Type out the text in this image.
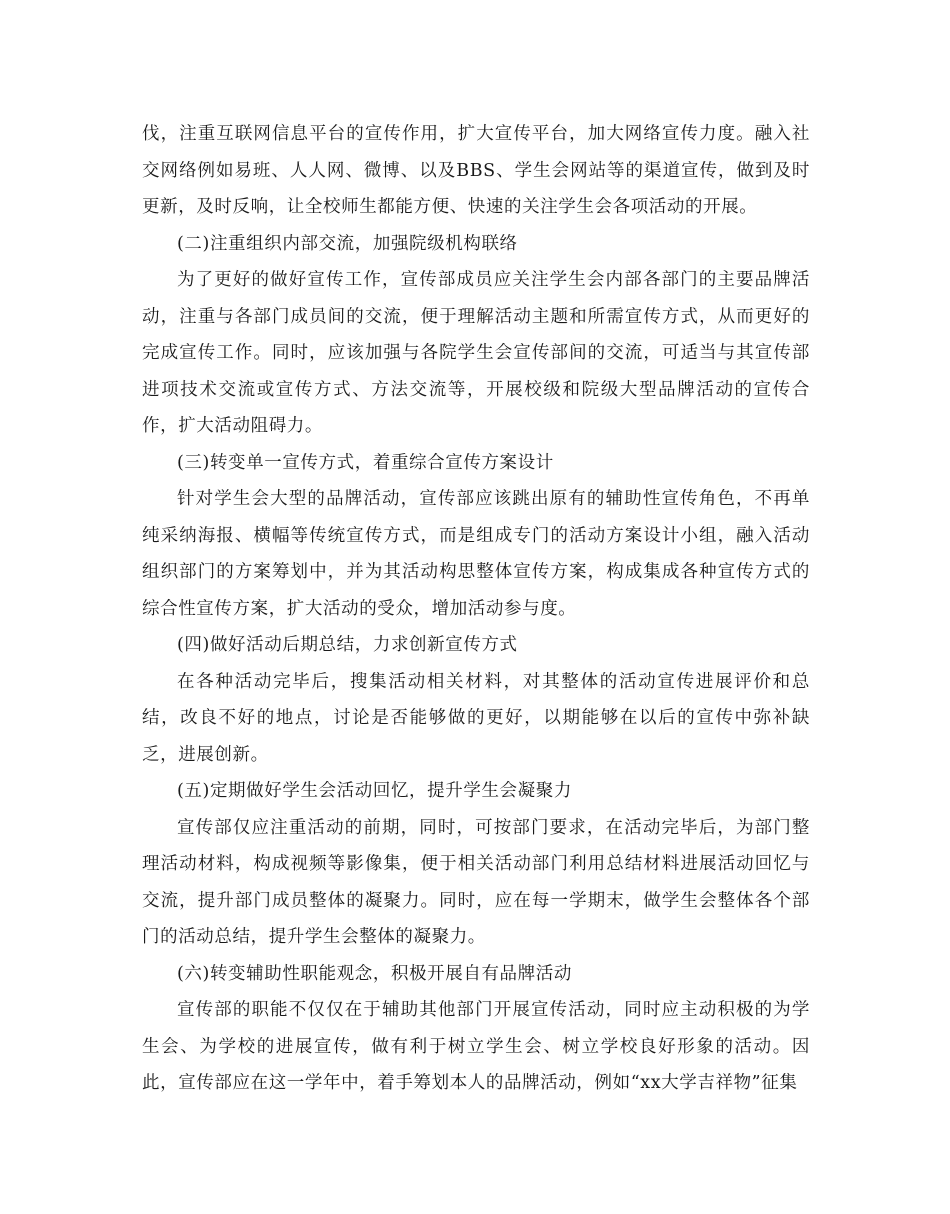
伐，注重互联网信息平台的宣传作用，扩大宣传平台，加大网络宣传力度。融入社交网络例如易班、人人网、微博、以及BBS、学生会网站等的渠道宣传，做到及时更新，及时反响，让全校师生都能方便、快速的关注学生会各项活动的开展。

(二)注重组织内部交流，加强院级机构联络

为了更好的做好宣传工作，宣传部成员应关注学生会内部各部门的主要品牌活动，注重与各部门成员间的交流，便于理解活动主题和所需宣传方式，从而更好的完成宣传工作。同时，应该加强与各院学生会宣传部间的交流，可适当与其宣传部进项技术交流或宣传方式、方法交流等，开展校级和院级大型品牌活动的宣传合作，扩大活动阻碍力。

(三)转变单一宣传方式，着重综合宣传方案设计

针对学生会大型的品牌活动，宣传部应该跳出原有的辅助性宣传角色，不再单纯采纳海报、横幅等传统宣传方式，而是组成专门的活动方案设计小组，融入活动组织部门的方案筹划中，并为其活动构思整体宣传方案，构成集成各种宣传方式的综合性宣传方案，扩大活动的受众，增加活动参与度。

(四)做好活动后期总结，力求创新宣传方式

在各种活动完毕后，搜集活动相关材料，对其整体的活动宣传进展评价和总结，改良不好的地点，讨论是否能够做的更好，以期能够在以后的宣传中弥补缺乏，进展创新。

(五)定期做好学生会活动回忆，提升学生会凝聚力

宣传部仅应注重活动的前期，同时，可按部门要求，在活动完毕后，为部门整理活动材料，构成视频等影像集，便于相关活动部门利用总结材料进展活动回忆与交流，提升部门成员整体的凝聚力。同时，应在每一学期末，做学生会整体各个部门的活动总结，提升学生会整体的凝聚力。

(六)转变辅助性职能观念，积极开展自有品牌活动

宣传部的职能不仅仅在于辅助其他部门开展宣传活动，同时应主动积极的为学生会、为学校的进展宣传，做有利于树立学生会、树立学校良好形象的活动。因此，宣传部应在这一学年中，着手筹划本人的品牌活动，例如“xx大学吉祥物”征集
